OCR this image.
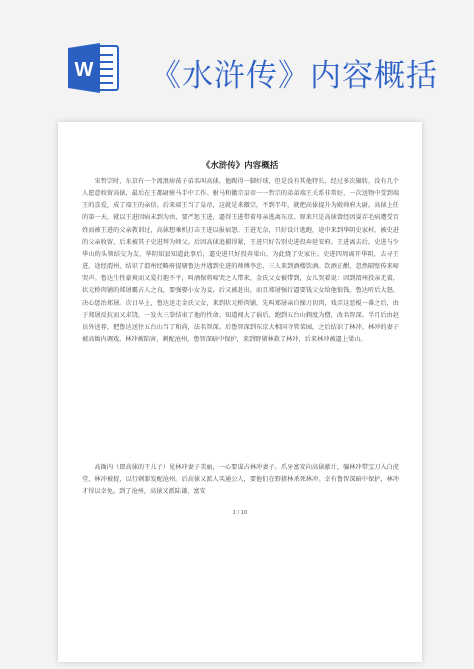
W 《水浒传》内容概括
《水浒传》内容概括

宋哲宗时，东京有一个流浪痞荡子弟名叫高俅，他踢得一脚好球，但是没有其他特长，经过多次辗转，没有几个人愿意收留高俅，最后在王都尉驸马手中工作。驸马和徽宗皇帝一一哲宗的弟弟端王关系非常好，一次送物中受到端王的喜爱，成了端王的亲信。后来端王当了皇帝，这就是来徽宗，不到半年，就把高俅提升为殿帅府大尉。高俅上任的第一天，就以王进因病未到为由，要严惩王进，逼得王进带着母亲逃离东京。原来只是高俅曾经因耍弄毛病遭受百姓而被王进的父亲教训过，高俅想乘机打击王进以报宿怨。王进无奈，只好设计逃跑，途中来到华阴史家村，被史进的父亲收留，后来被其子史进拜为师父。后因高俅追捕得紧，王进只好告别史进投奔延安府。王进离去后，史进与少华山的头领结交为友，华阴知县知道此事后，逼史进只好投奔梁山，为此烧了史家庄。史进四周离开华阴，去寻王进，途经渭州，结识了渭州经略府提辖鲁达并遇到史进的师傅李忠，三人来到酒楼饮酒。饮酒正酣，忽然隔壁传来啼哭声。鲁达生性豪爽而又爱打抱不平，叫酒保将啼哭之人带来，金氏父女被带到，女儿哭着说：因到渭州投亲无着，状元桥肉铺的郑屠霸占人之良，要强娶小女为妾，后又被赶出，而且郑屠强行逼要钱父女给他银钱。鲁达听后大怒，决心惩治郑屠。次日早上，鲁达送走金氏父女，来到状元桥肉铺，先叫郑屠亲自操刀切肉，戏弄这恶棍一番之后，由于郑屠反抗而又求饶，一发火三拳结束了他的性命。知道闯大了祸后，跑到五台山剃度为僧，改名智深。半月后由赵员外送荐，把鲁达送往五台山当了和尚，法名智深。后鲁智深到东京大相国寺管菜园，之后结识了林冲。林冲的妻子被高衙内调戏，林冲被陷害，刺配沧州，鲁智深暗中保护，来到野猪林救了林冲，后来林冲被逼上梁山。

高衙内（即高俅的干儿子）见林冲妻子美丽，一心要谋占林冲妻子。爪牙富安向高俅献计，骗林冲带宝刀入白虎堂，林冲被捉，以行刺罪发配沧州。后高俅又派人买通公人，要他们在野猪林杀死林冲。幸有鲁智深暗中保护，林冲才得以幸免。到了沧州，高俅又派陆谦、富安

1 / 10
